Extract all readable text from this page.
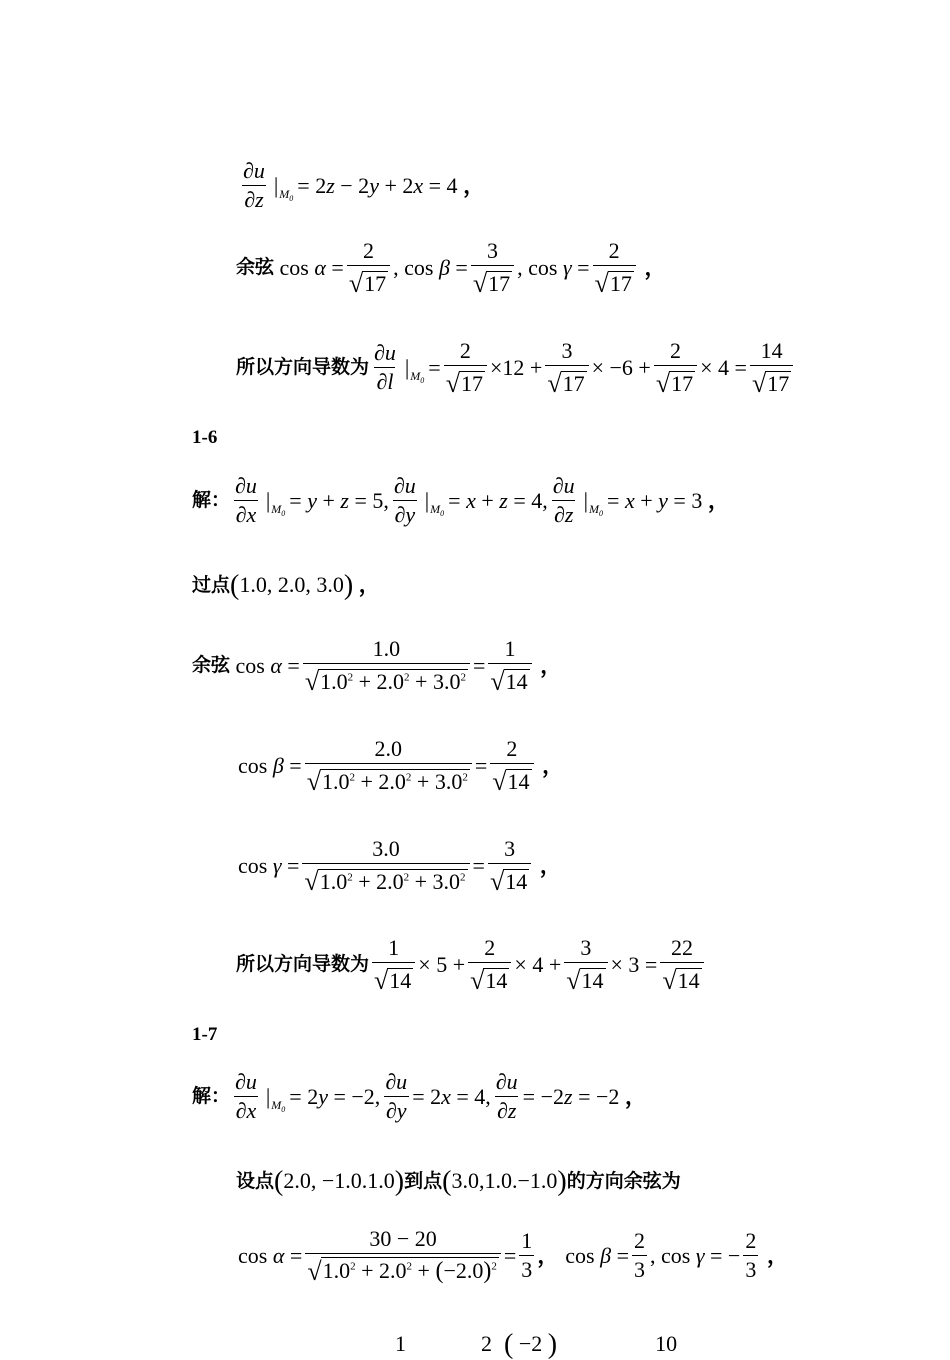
$\frac{\partial u}{\partial z}$ | $M_0$
= 2z − 2y + 2x = 4 ，
余弦 $\cos \alpha = \frac{2}{√ 17}$ , $\cos \beta = \frac{3}{√ 17}$ , $\cos \gamma = \frac{2}{√ 17}$ ，
所以方向导数为 $\frac{\partial u}{\partial l}$ | $M_0$
= $\frac{2}{√ 17} \times 12 + \frac{3}{√ 17} \times -6 + \frac{2}{√ 17} \times 4 = \frac{14}{√ 17}$
1-6
解： $\frac{\partial u}{\partial x}$ | $M_0$
= y + z = 5, $\frac{\partial u}{\partial y}$ | $M_0$
= x + z = 4, $\frac{\partial u}{\partial z}$ | $M_0$
= x + y = 3 ，
过点 ( 1.0, 2.0, 3.0 ) ，
余弦 $\cos \alpha = \frac{1.0}{√ 1.0^2 + 2.0^2 + 3.0^2} = \frac{1}{√ 14}$ ，
$\cos \beta = \frac{2.0}{√ 1.0^2 + 2.0^2 + 3.0^2} = \frac{2}{√ 14}$ ，
$\cos \gamma = \frac{3.0}{√ 1.0^2 + 2.0^2 + 3.0^2} = \frac{3}{√ 14}$ ，
所以方向导数为 $\frac{1}{√ 14} \times 5 + \frac{2}{√ 14} \times 4 + \frac{3}{√ 14} \times 3 = \frac{22}{√ 14}$
1-7
解： $\frac{\partial u}{\partial x}$ | $M_0$
= 2y = −2, $\frac{\partial u}{\partial y} = 2x = 4$, $\frac{\partial u}{\partial z} = -2z = -2$ ，
设点 ( 2.0, −1.0.1.0 ) 到点 ( 3.0,1.0.−1.0 ) 的方向余弦为
$\cos \alpha = \frac{30 - 20}{√ 1.0^2 + 2.0^2 + (-2.0)^2} = \frac{1}{3}$ ， $\cos \beta = \frac{2}{3}$ , cos γ = − $\frac{2}{3}$ ，
1	2 ( −2 )	10
